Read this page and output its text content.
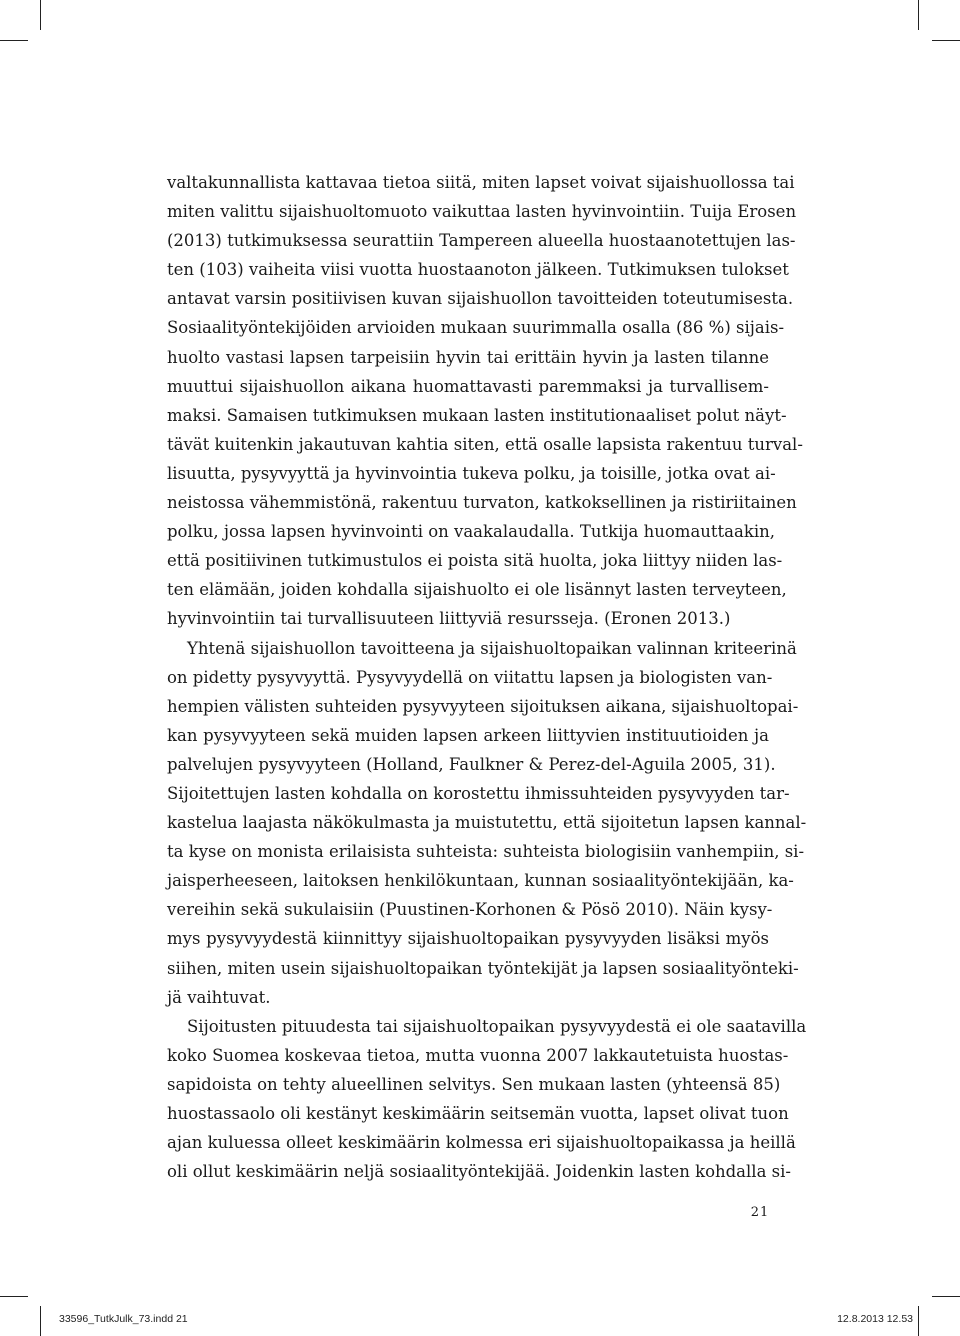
valtakunnallista kattavaa tietoa siitä, miten lapset voivat sijaishuollossa tai
miten valittu sijaishuoltomuoto vaikuttaa lasten hyvinvointiin. Tuija Erosen
(2013) tutkimuksessa seurattiin Tampereen alueella huostaanotettujen las-
ten (103) vaiheita viisi vuotta huostaanoton jälkeen. Tutkimuksen tulokset
antavat varsin positiivisen kuvan sijaishuollon tavoitteiden toteutumisesta.
Sosiaalityöntekijöiden arvioiden mukaan suurimmalla osalla (86 %) sijais-
huolto vastasi lapsen tarpeisiin hyvin tai erittäin hyvin ja lasten tilanne
muuttui sijaishuollon aikana huomattavasti paremmaksi ja turvallisem-
maksi. Samaisen tutkimuksen mukaan lasten institutionaaliset polut näyt-
tävät kuitenkin jakautuvan kahtia siten, että osalle lapsista rakentuu turval-
lisuutta, pysyvyyttä ja hyvinvointia tukeva polku, ja toisille, jotka ovat ai-
neistossa vähemmistönä, rakentuu turvaton, katkoksellinen ja ristiriitainen
polku, jossa lapsen hyvinvointi on vaakalaudalla. Tutkija huomauttaakin,
että positiivinen tutkimustulos ei poista sitä huolta, joka liittyy niiden las-
ten elämään, joiden kohdalla sijaishuolto ei ole lisännyt lasten terveyteen,
hyvinvointiin tai turvallisuuteen liittyviä resursseja. (Eronen 2013.)
Yhtenä sijaishuollon tavoitteena ja sijaishuoltopaikan valinnan kriteerinä
on pidetty pysyvyyttä. Pysyvyydellä on viitattu lapsen ja biologisten van-
hempien välisten suhteiden pysyvyyteen sijoituksen aikana, sijaishuoltopai-
kan pysyvyyteen sekä muiden lapsen arkeen liittyvien instituutioiden ja
palvelujen pysyvyyteen (Holland, Faulkner & Perez-del-Aguila 2005, 31).
Sijoitettujen lasten kohdalla on korostettu ihmissuhteiden pysyvyyden tar-
kastelua laajasta näkökulmasta ja muistutettu, että sijoitetun lapsen kannal-
ta kyse on monista erilaisista suhteista: suhteista biologisiin vanhempiin, si-
jaisperheeseen, laitoksen henkilökuntaan, kunnan sosiaalityöntekijään, ka-
vereihin sekä sukulaisiin (Puustinen-Korhonen & Pösö 2010). Näin kysy-
mys pysyvyydestä kiinnittyy sijaishuoltopaikan pysyvyyden lisäksi myös
siihen, miten usein sijaishuoltopaikan työntekijät ja lapsen sosiaalityönteki-
jä vaihtuvat.
Sijoitusten pituudesta tai sijaishuoltopaikan pysyvyydestä ei ole saatavilla
koko Suomea koskevaa tietoa, mutta vuonna 2007 lakkautetuista huostas-
sapidoista on tehty alueellinen selvitys. Sen mukaan lasten (yhteensä 85)
huostassaolo oli kestänyt keskimäärin seitsemän vuotta, lapset olivat tuon
ajan kuluessa olleet keskimäärin kolmessa eri sijaishuoltopaikassa ja heillä
oli ollut keskimäärin neljä sosiaalityöntekijää. Joidenkin lasten kohdalla si-
21
33596_TutkJulk_73.indd 21	12.8.2013 12.53
